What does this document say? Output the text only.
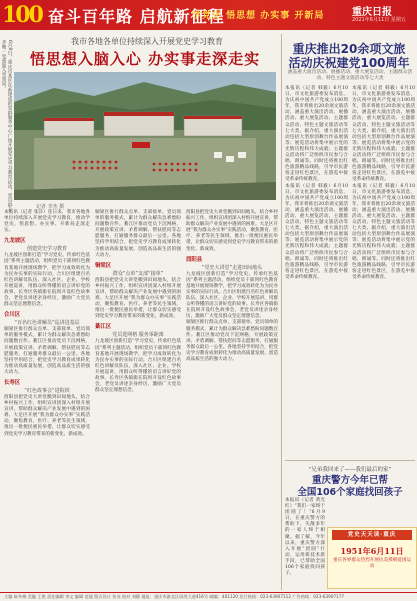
100 奋斗百年路 启航新征程
学党史 悟思想 办实事 开新局	重庆日报
2021年6月11日 星期五
我市各地各单位持续深入开展党史学习教育
悟思想入脑入心 办实事走深走实
6月8日，重庆市某区在新建成的党群服务中心广场开展党史学习教育活动，党员群众齐聚一堂重温入党誓词。
记者 李杰 摄
本报讯（记者 张莎）连日来，我市各地各单位持续深入开展党史学习教育，推动学党史、悟思想、办实事、开新局走深走实。
九龙坡区
创建党史学习教育
九龙坡区创新打造“学习党史、传承红色基因”系列主题活动，组织党员干部到红色教育基地开展现场教学，把学习成效转化为为民办实事的实际行动。合川区组建百名红色讲解员队伍，深入社区、企业、学校开展巡讲，用群众听得懂的语言讲好党的故事。长寿区各镇街在院坝开设红色故事会，老党员讲述亲身经历，激励广大党员群众坚定理想信念。
合川区
“百名红色讲解员”巡讲进基层
铜梁区推行群众点单、支部接单、党员领单的服务模式，累计为群众解决急难愁盼问题数百件。綦江区推动党员下沉网格，开展政策宣讲、矛盾调解、帮扶慰问等志愿服务，打通服务群众最后一公里。各地坚持学用结合，把党史学习教育成果转化为推动高质量发展、创造高品质生活的强大动力。
长寿区
“红色故事会”进院坝
酉阳县把党史大讲堂搬到田间地头，结合乡村振兴工作，组织宣讲团深入村组开展宣讲，帮助群众解决产业发展中遇到的困难。大足区开展“我为群众办实事”实践活动，聚焦教育、医疗、养老等民生领域，推出一批便民惠民举措，让群众切实感受到党史学习教育带来的新变化、新成效。
铜梁区推行群众点单、支部接单、党员领单的服务模式，累计为群众解决急难愁盼问题数百件。綦江区推动党员下沉网格，开展政策宣讲、矛盾调解、帮扶慰问等志愿服务，打通服务群众最后一公里。各地坚持学用结合，把党史学习教育成果转化为推动高质量发展、创造高品质生活的强大动力。
铜梁区
群众“点单”支部“接单”
酉阳县把党史大讲堂搬到田间地头，结合乡村振兴工作，组织宣讲团深入村组开展宣讲，帮助群众解决产业发展中遇到的困难。大足区开展“我为群众办实事”实践活动，聚焦教育、医疗、养老等民生领域，推出一批便民惠民举措，让群众切实感受到党史学习教育带来的新变化、新成效。
綦江区
党员进网格 服务零距离
九龙坡区创新打造“学习党史、传承红色基因”系列主题活动，组织党员干部到红色教育基地开展现场教学，把学习成效转化为为民办实事的实际行动。合川区组建百名红色讲解员队伍，深入社区、企业、学校开展巡讲，用群众听得懂的语言讲好党的故事。长寿区各镇街在院坝开设红色故事会，老党员讲述亲身经历，激励广大党员群众坚定理想信念。
酉阳县把党史大讲堂搬到田间地头，结合乡村振兴工作，组织宣讲团深入村组开展宣讲，帮助群众解决产业发展中遇到的困难。大足区开展“我为群众办实事”实践活动，聚焦教育、医疗、养老等民生领域，推出一批便民惠民举措，让群众切实感受到党史学习教育带来的新变化、新成效。
酉阳县
“党史大讲堂”走进田间地头
九龙坡区创新打造“学习党史、传承红色基因”系列主题活动，组织党员干部到红色教育基地开展现场教学，把学习成效转化为为民办实事的实际行动。合川区组建百名红色讲解员队伍，深入社区、企业、学校开展巡讲，用群众听得懂的语言讲好党的故事。长寿区各镇街在院坝开设红色故事会，老党员讲述亲身经历，激励广大党员群众坚定理想信念。
铜梁区推行群众点单、支部接单、党员领单的服务模式，累计为群众解决急难愁盼问题数百件。綦江区推动党员下沉网格，开展政策宣讲、矛盾调解、帮扶慰问等志愿服务，打通服务群众最后一公里。各地坚持学用结合，把党史学习教育成果转化为推动高质量发展、创造高品质生活的强大动力。
重庆推出20余项文旅
活动庆祝建党100周年
涵盖重大演出活动、展播活动、重大展览活动、主题群众活动、特色主题文旅活动等七大类
本报讯（记者 韩毅）6月10日，市文化旅游委发布消息，为庆祝中国共产党成立100周年，我市将推出20余项文旅活动，涵盖重大演出活动、展播活动、重大展览活动、主题群众活动、特色主题文旅活动等七大类。据介绍，重大演出活动包括大型原创舞台作品展演等；展览活动将集中展示党的光辉历程和伟大成就；主题群众活动将广泛组织市民参与合唱、朗诵等。同时还将推出红色旅游精品线路，引导市民游客走进红色景区，在游览中接受革命传统教育。
本报讯（记者 韩毅）6月10日，市文化旅游委发布消息，为庆祝中国共产党成立100周年，我市将推出20余项文旅活动，涵盖重大演出活动、展播活动、重大展览活动、主题群众活动、特色主题文旅活动等七大类。据介绍，重大演出活动包括大型原创舞台作品展演等；展览活动将集中展示党的光辉历程和伟大成就；主题群众活动将广泛组织市民参与合唱、朗诵等。同时还将推出红色旅游精品线路，引导市民游客走进红色景区，在游览中接受革命传统教育。
本报讯（记者 韩毅）6月10日，市文化旅游委发布消息，为庆祝中国共产党成立100周年，我市将推出20余项文旅活动，涵盖重大演出活动、展播活动、重大展览活动、主题群众活动、特色主题文旅活动等七大类。据介绍，重大演出活动包括大型原创舞台作品展演等；展览活动将集中展示党的光辉历程和伟大成就；主题群众活动将广泛组织市民参与合唱、朗诵等。同时还将推出红色旅游精品线路，引导市民游客走进红色景区，在游览中接受革命传统教育。
本报讯（记者 韩毅）6月10日，市文化旅游委发布消息，为庆祝中国共产党成立100周年，我市将推出20余项文旅活动，涵盖重大演出活动、展播活动、重大展览活动、主题群众活动、特色主题文旅活动等七大类。据介绍，重大演出活动包括大型原创舞台作品展演等；展览活动将集中展示党的光辉历程和伟大成就；主题群众活动将广泛组织市民参与合唱、朗诵等。同时还将推出红色旅游精品线路，引导市民游客走进红色景区，在游览中接受革命传统教育。
“兄弟我回来了——我们最后的家”
重庆警方今年已帮
全国106个家庭找回孩子
本报讯（记者 黄光红）“我们一家终于团圆了！”6月9日，在重庆警方的帮助下，失散多年的一家人终于相聚。据了解，今年以来，重庆警方深入开展“团圆”行动，运用新技术新手段，已帮助全国106个家庭找回孩子。
党史天天读·重庆
1951年6月11日
重庆各界群众热烈开展抗美援朝爱国运动
主编 陈冬梅 美编 王艳 责任编辑 李文 编辑 范超 版式设计 张亮 校对 刘静 地址：重庆市渝北区同茂大道416号 邮编：401120 发行热线：023-63907112 广告热线：023-63907177
